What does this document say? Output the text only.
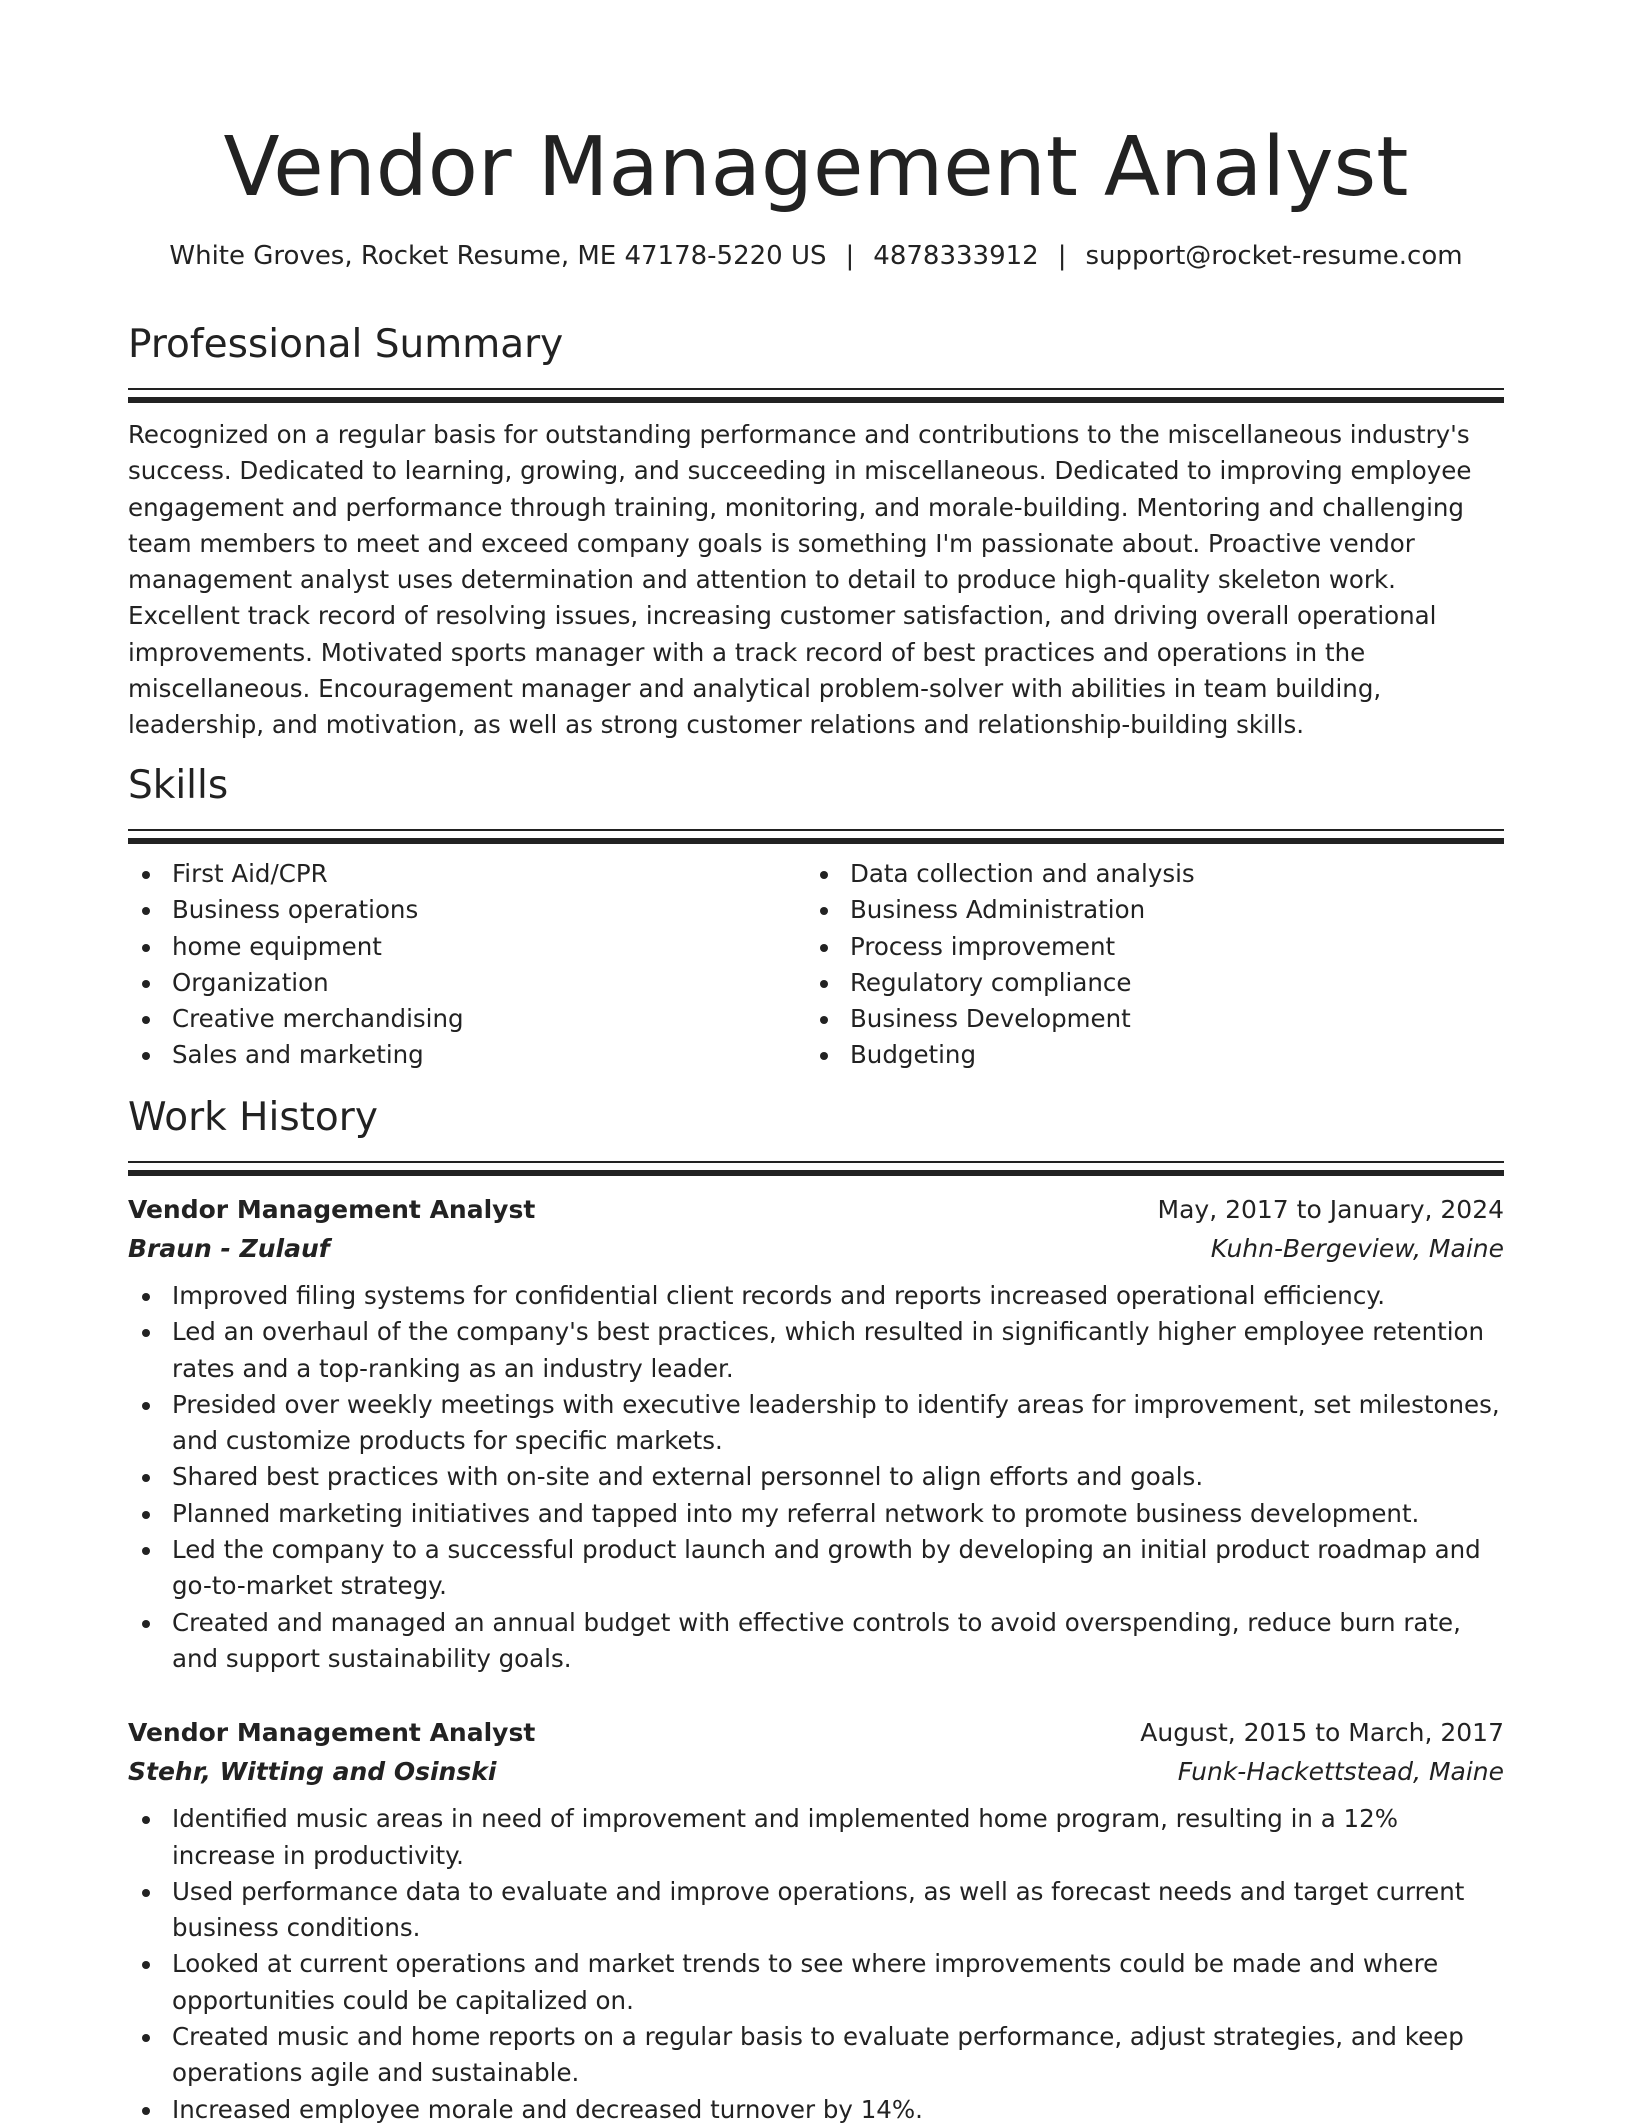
Vendor Management Analyst
White Groves, Rocket Resume, ME 47178-5220 US | 4878333912 | support@rocket-resume.com
Professional Summary

Recognized on a regular basis for outstanding performance and contributions to the miscellaneous industry's success. Dedicated to learning, growing, and succeeding in miscellaneous. Dedicated to improving employee engagement and performance through training, monitoring, and morale-building. Mentoring and challenging team members to meet and exceed company goals is something I'm passionate about. Proactive vendor management analyst uses determination and attention to detail to produce high-quality skeleton work. Excellent track record of resolving issues, increasing customer satisfaction, and driving overall operational improvements. Motivated sports manager with a track record of best practices and operations in the miscellaneous. Encouragement manager and analytical problem-solver with abilities in team building, leadership, and motivation, as well as strong customer relations and relationship-building skills.

Skills
First Aid/CPR
Business operations
home equipment
Organization
Creative merchandising
Sales and marketing
Data collection and analysis
Business Administration
Process improvement
Regulatory compliance
Business Development
Budgeting
Work History
Vendor Management Analyst	May, 2017 to January, 2024
Braun - Zulauf	Kuhn-Bergeview, Maine
Improved filing systems for confidential client records and reports increased operational efficiency.
Led an overhaul of the company's best practices, which resulted in significantly higher employee retention rates and a top-ranking as an industry leader.
Presided over weekly meetings with executive leadership to identify areas for improvement, set milestones, and customize products for specific markets.
Shared best practices with on-site and external personnel to align efforts and goals.
Planned marketing initiatives and tapped into my referral network to promote business development.
Led the company to a successful product launch and growth by developing an initial product roadmap and go-to-market strategy.
Created and managed an annual budget with effective controls to avoid overspending, reduce burn rate, and support sustainability goals.
Vendor Management Analyst	August, 2015 to March, 2017
Stehr, Witting and Osinski	Funk-Hackettstead, Maine
Identified music areas in need of improvement and implemented home program, resulting in a 12% increase in productivity.
Used performance data to evaluate and improve operations, as well as forecast needs and target current business conditions.
Looked at current operations and market trends to see where improvements could be made and where opportunities could be capitalized on.
Created music and home reports on a regular basis to evaluate performance, adjust strategies, and keep operations agile and sustainable.
Increased employee morale and decreased turnover by 14%.
